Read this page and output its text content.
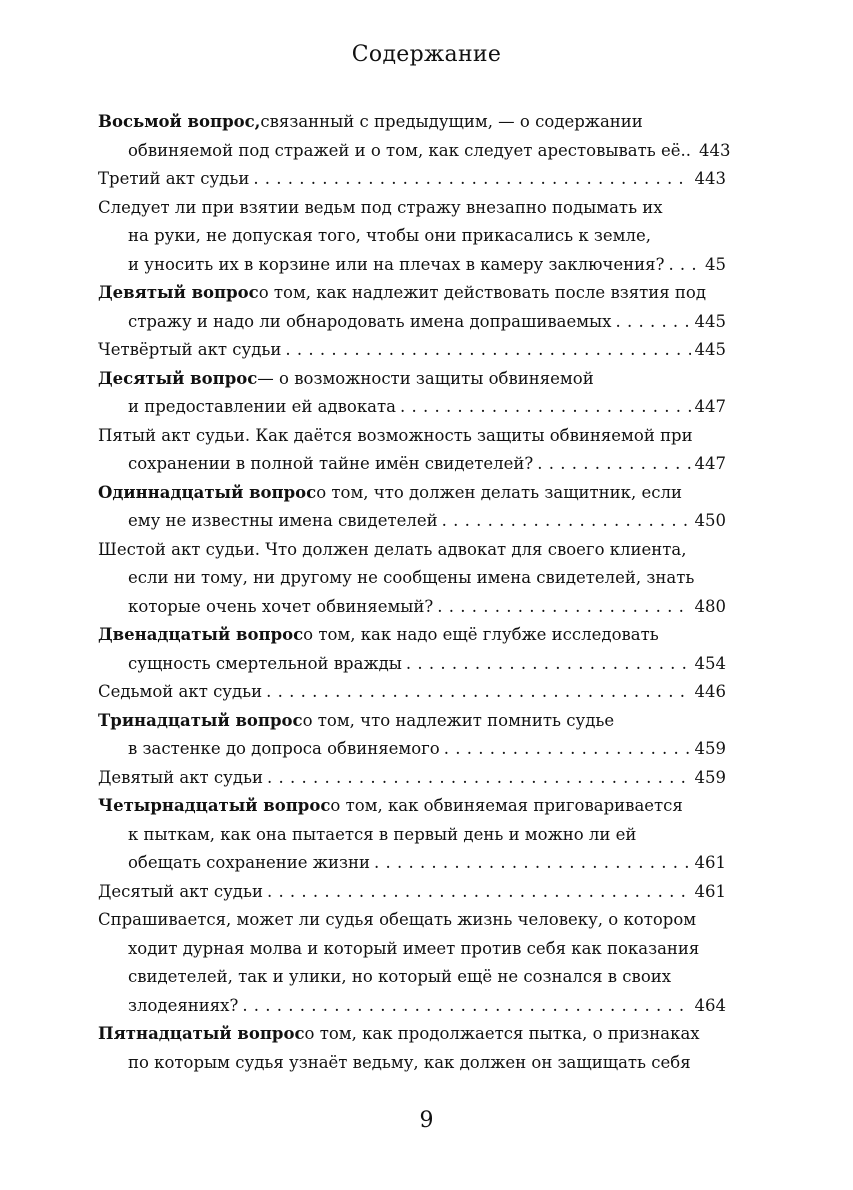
Содержание
Восьмой вопрос, связанный с предыдущим, — о содержании
обвиняемой под стражей и о том, как следует арестовывать её.. 443
Третий акт судьи . . .	443
Следует ли при взятии ведьм под стражу внезапно подымать их
на руки, не допуская того, чтобы они прикасались к земле,
и уносить их в корзине или на плечах в камеру заключения? . . . 45
Девятый вопрос о том, как надлежит действовать после взятия под
стражу и надо ли обнародовать имена допрашиваемых . . .	445
Четвёртый акт судьи . . .	445
Десятый вопрос — о возможности защиты обвиняемой
и предоставлении ей адвоката . . .	447
Пятый акт судьи. Как даётся возможность защиты обвиняемой при
сохранении в полной тайне имён свидетелей? . . .	447
Одиннадцатый вопрос о том, что должен делать защитник, если
ему не известны имена свидетелей . . .	450
Шестой акт судьи. Что должен делать адвокат для своего клиента,
если ни тому, ни другому не сообщены имена свидетелей, знать
которые очень хочет обвиняемый? . . .	480
Двенадцатый вопрос о том, как надо ещё глубже исследовать
сущность смертельной вражды . . .	454
Седьмой акт судьи . . .	446
Тринадцатый вопрос о том, что надлежит помнить судье
в застенке до допроса обвиняемого . . .	459
Девятый акт судьи . . .	459
Четырнадцатый вопрос о том, как обвиняемая приговаривается
к пыткам, как она пытается в первый день и можно ли ей
обещать сохранение жизни . . .	461
Десятый акт судьи . . .	461
Спрашивается, может ли судья обещать жизнь человеку, о котором
ходит дурная молва и который имеет против себя как показания
свидетелей, так и улики, но который ещё не сознался в своих
злодеяниях? . . .	464
Пятнадцатый вопрос о том, как продолжается пытка, о признаках
по которым судья узнаёт ведьму, как должен он защищать себя
9
